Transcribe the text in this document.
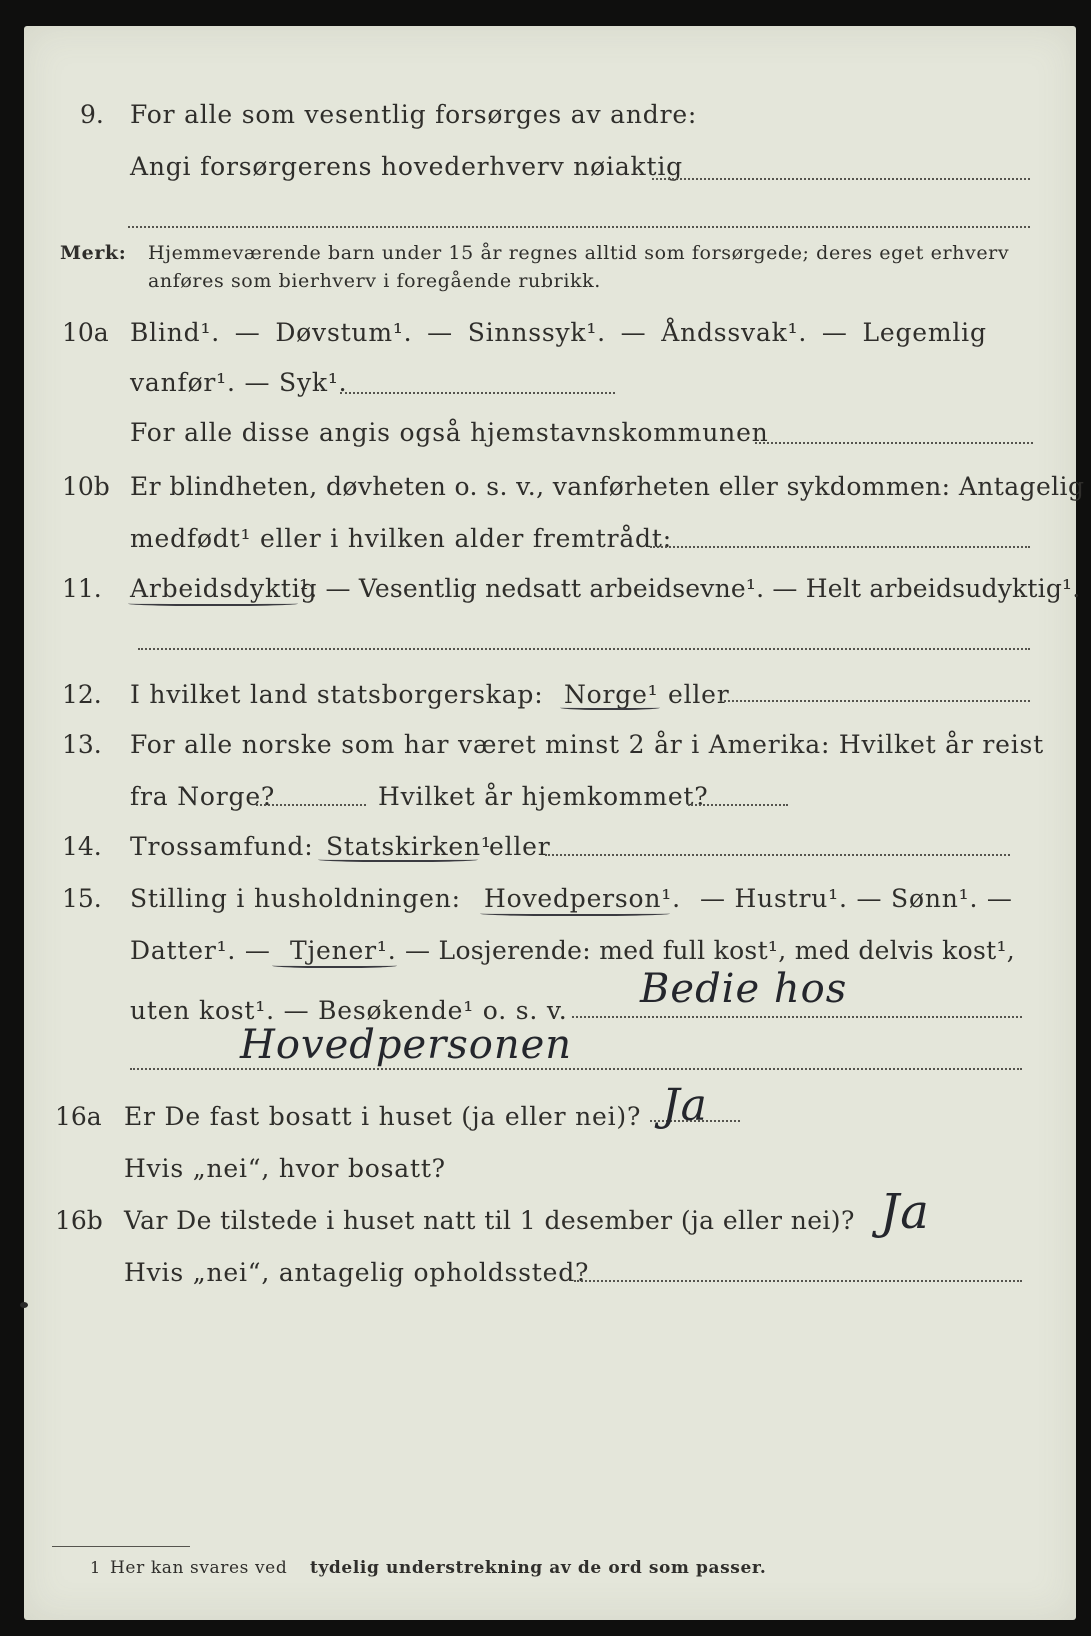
9. For alle som vesentlig forsørges av andre:
Angi forsørgerens hovederhverv nøiaktig
Merk: Hjemmeværende barn under 15 år regnes alltid som forsørgede; deres eget erhverv
anføres som bierhverv i foregående rubrikk.
10a Blind¹. — Døvstum¹. — Sinnssyk¹. — Åndssvak¹. — Legemlig
vanfør¹. — Syk¹.
For alle disse angis også hjemstavnskommunen
10b Er blindheten, døvheten o. s. v., vanførheten eller sykdommen: Antagelig
medfødt¹ eller i hvilken alder fremtrådt:
11. Arbeidsdyktig
¹. — Vesentlig nedsatt arbeidsevne¹. — Helt arbeidsudyktig¹.
12. I hvilket land statsborgerskap: Norge¹ eller
13. For alle norske som har været minst 2 år i Amerika: Hvilket år reist
fra Norge?	Hvilket år hjemkommet?
14. Trossamfund: Statskirken¹
eller
15. Stilling i husholdningen: Hovedperson¹. — Hustru¹. — Sønn¹. —
Datter¹. — Tjener¹. — Losjerende: med full kost¹, med delvis kost¹,
uten kost¹. — Besøkende¹ o. s. v. Bedie hos
Hovedpersonen
16a Er De fast bosatt i huset (ja eller nei)? Ja
Hvis „nei“, hvor bosatt?
16b Var De tilstede i huset natt til 1 desember (ja eller nei)? Ja
Hvis „nei“, antagelig opholdssted?
1 Her kan svares ved tydelig understrekning av de ord som passer.
